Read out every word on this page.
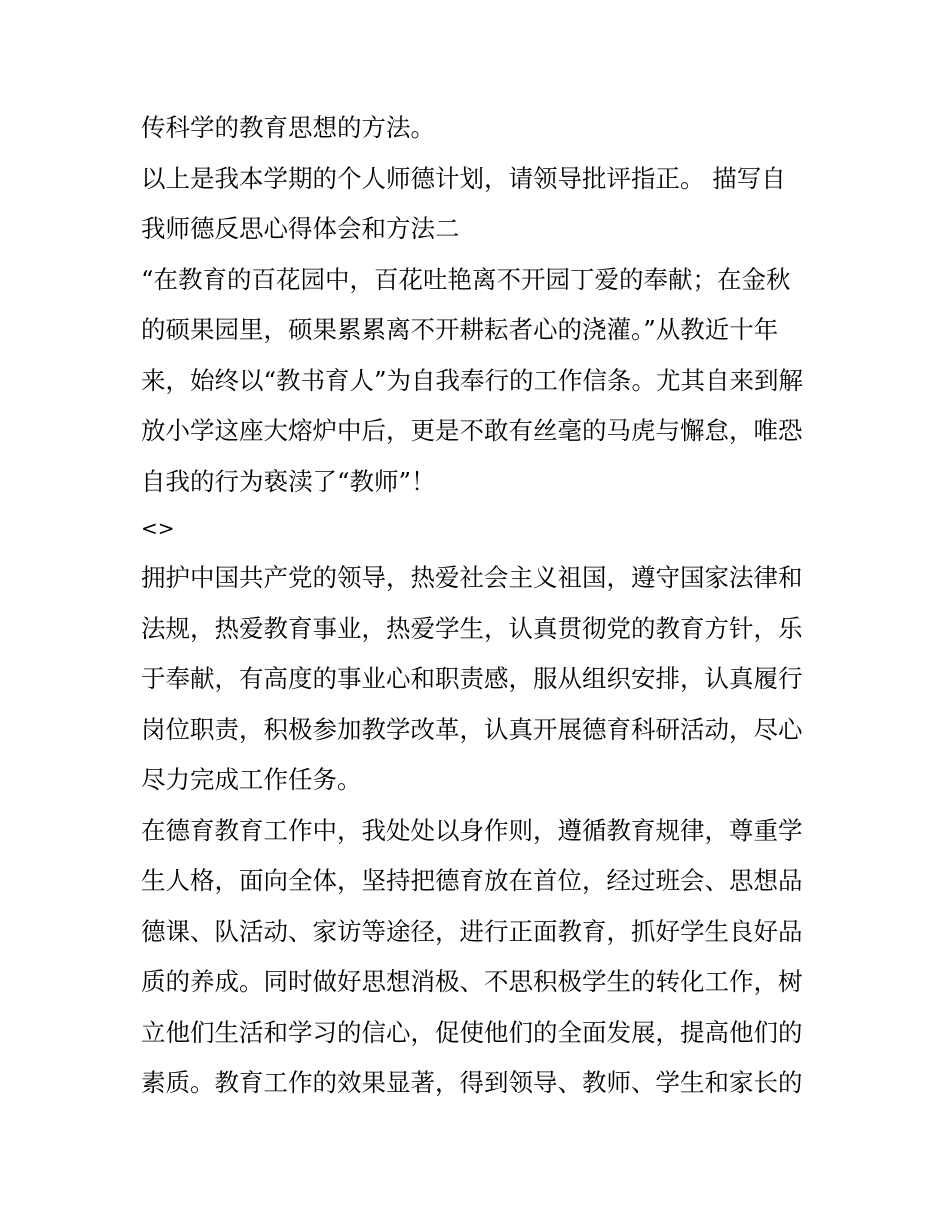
传科学的教育思想的方法。
以上是我本学期的个人师德计划，请领导批评指正。 描写自
我师德反思心得体会和方法二
“在教育的百花园中，百花吐艳离不开园丁爱的奉献；在金秋
的硕果园里，硕果累累离不开耕耘者心的浇灌。”从教近十年
来，始终以“教书育人”为自我奉行的工作信条。尤其自来到解
放小学这座大熔炉中后，更是不敢有丝毫的马虎与懈怠，唯恐
自我的行为亵渎了“教师”！
<>
拥护中国共产党的领导，热爱社会主义祖国，遵守国家法律和
法规，热爱教育事业，热爱学生，认真贯彻党的教育方针，乐
于奉献，有高度的事业心和职责感，服从组织安排，认真履行
岗位职责，积极参加教学改革，认真开展德育科研活动，尽心
尽力完成工作任务。
在德育教育工作中，我处处以身作则，遵循教育规律，尊重学
生人格，面向全体，坚持把德育放在首位，经过班会、思想品
德课、队活动、家访等途径，进行正面教育，抓好学生良好品
质的养成。同时做好思想消极、不思积极学生的转化工作，树
立他们生活和学习的信心，促使他们的全面发展，提高他们的
素质。教育工作的效果显著，得到领导、教师、学生和家长的
